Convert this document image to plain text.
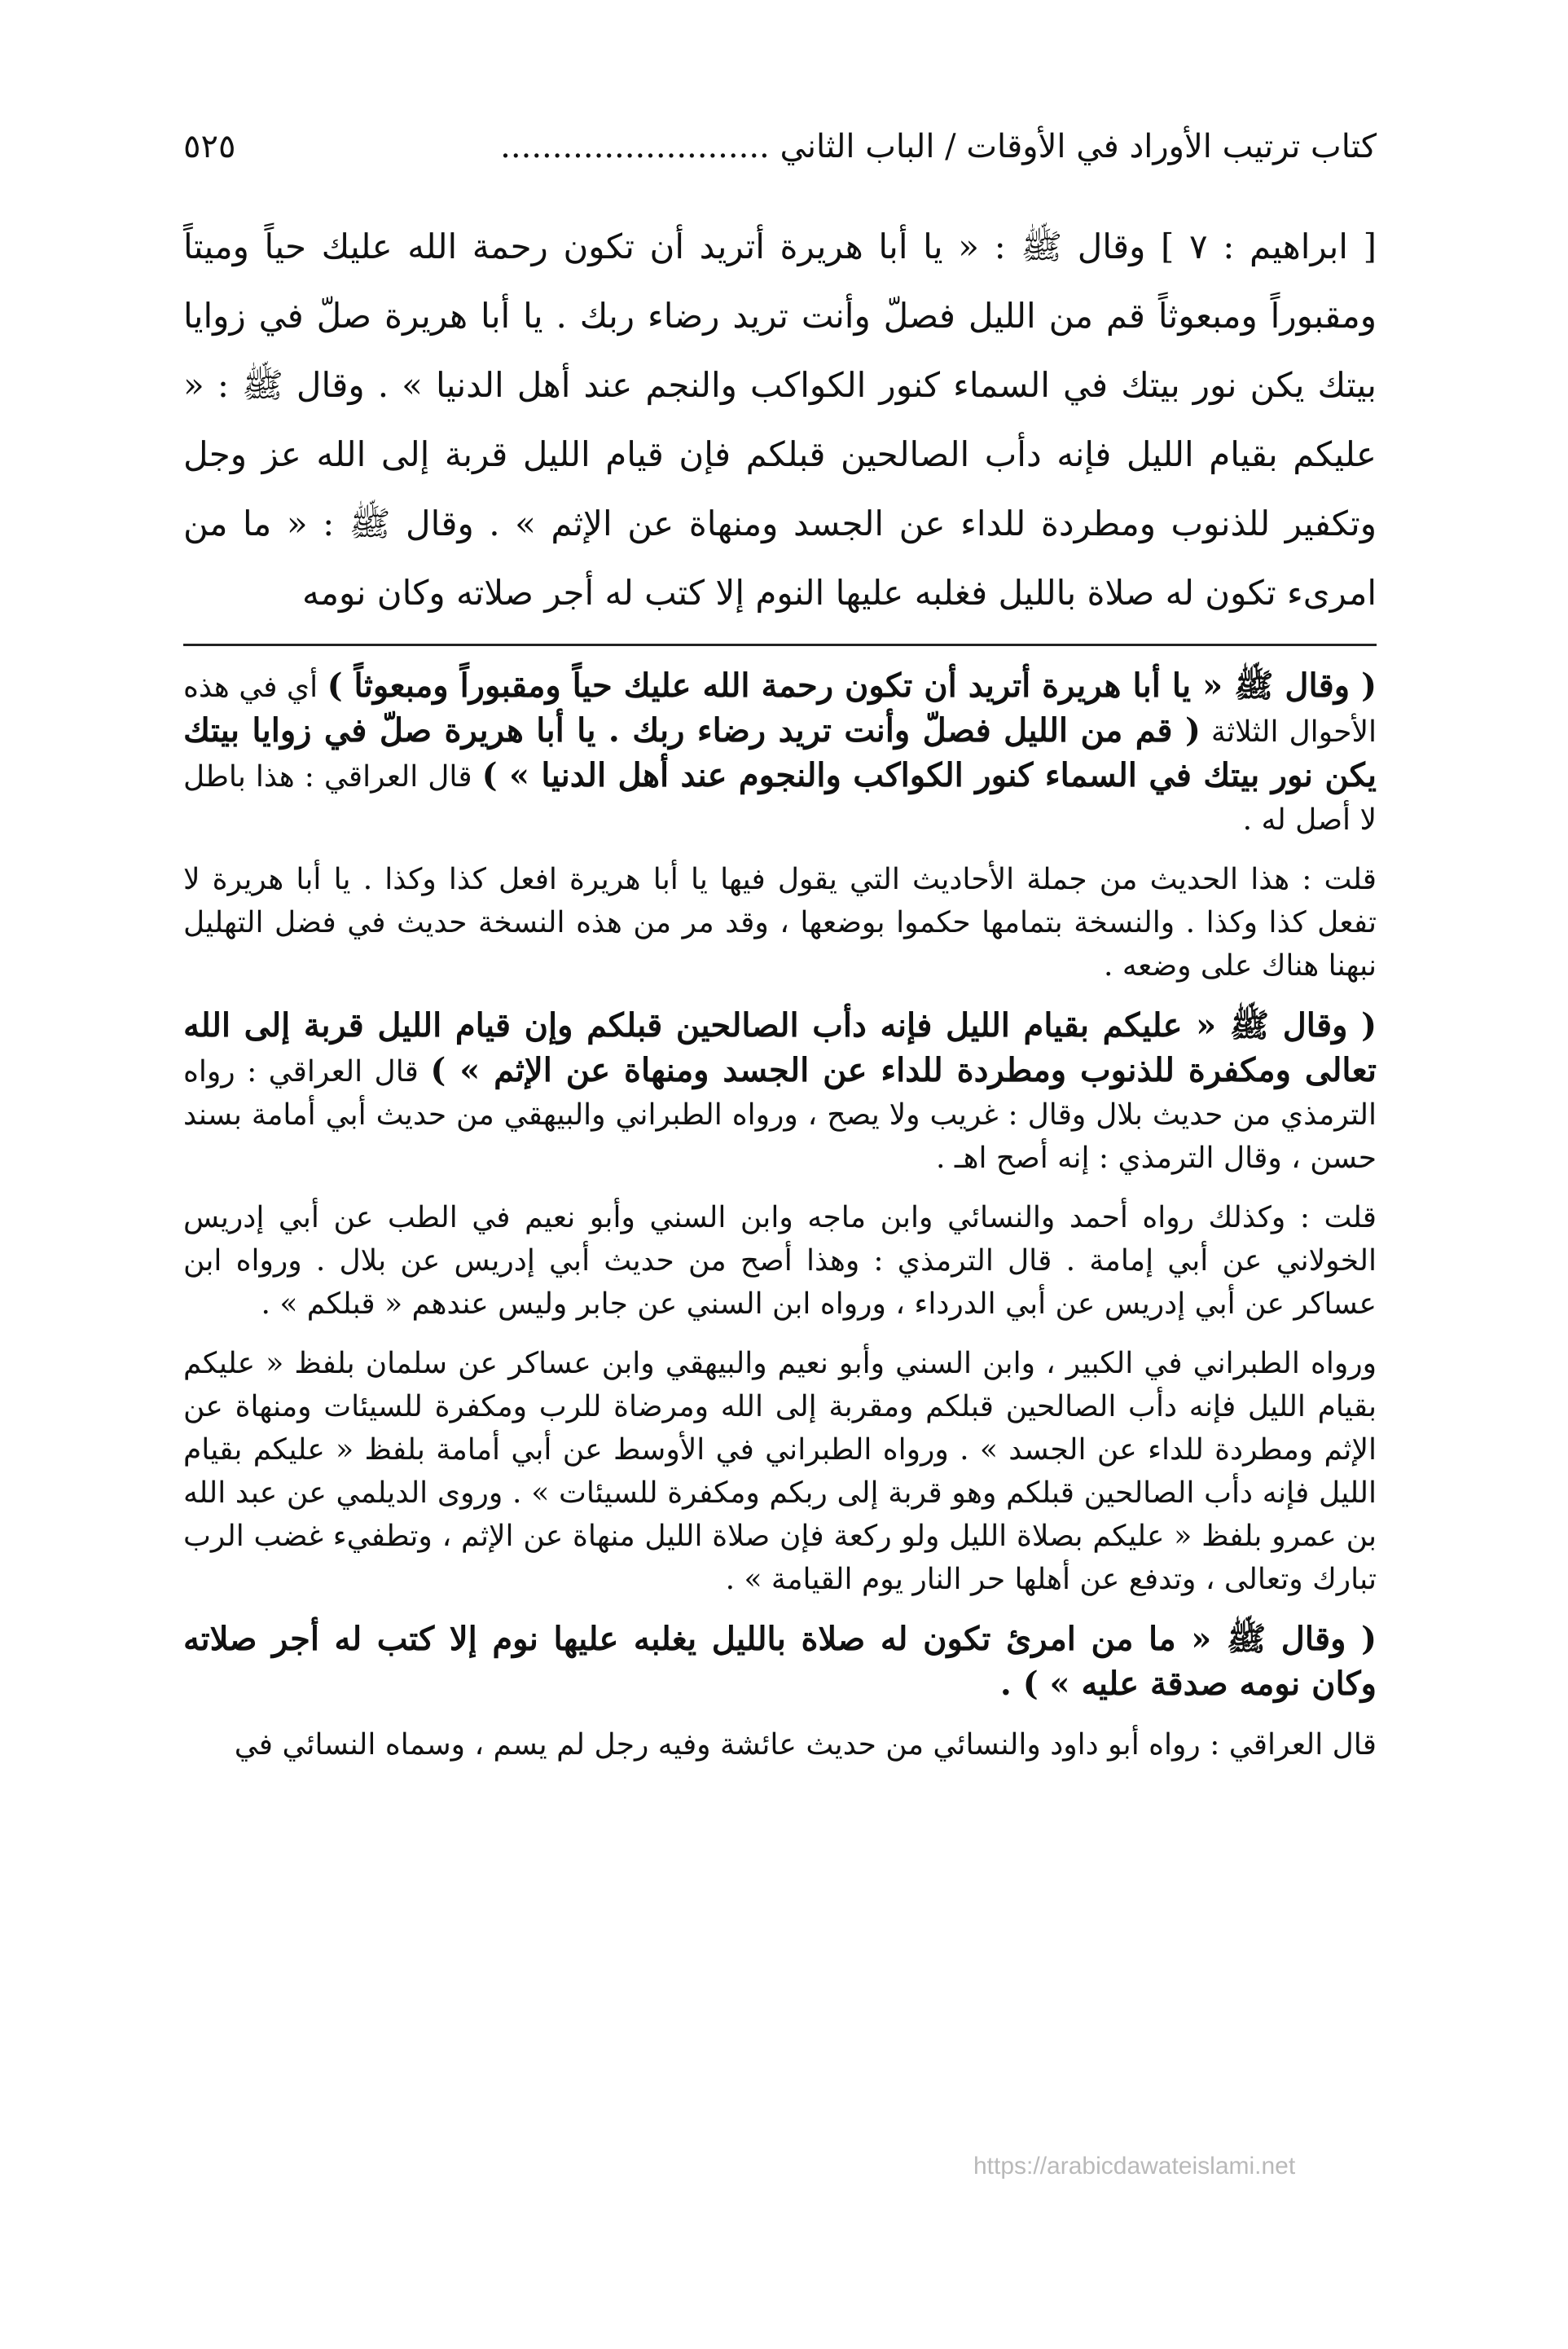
كتاب ترتيب الأوراد في الأوقات / الباب الثاني ..........................
٥٢٥

[ ابراهيم : ٧ ] وقال ﷺ : « يا أبا هريرة أتريد أن تكون رحمة الله عليك حياً وميتاً ومقبوراً ومبعوثاً قم من الليل فصلّ وأنت تريد رضاء ربك . يا أبا هريرة صلّ في زوايا بيتك يكن نور بيتك في السماء كنور الكواكب والنجم عند أهل الدنيا » . وقال ﷺ : « عليكم بقيام الليل فإنه دأب الصالحين قبلكم فإن قيام الليل قربة إلى الله عز وجل وتكفير للذنوب ومطردة للداء عن الجسد ومنهاة عن الإثم » . وقال ﷺ : « ما من امرىء تكون له صلاة بالليل فغلبه عليها النوم إلا كتب له أجر صلاته وكان نومه

( وقال ﷺ « يا أبا هريرة أتريد أن تكون رحمة الله عليك حياً ومقبوراً ومبعوثاً ) أي في هذه الأحوال الثلاثة ( قم من الليل فصلّ وأنت تريد رضاء ربك . يا أبا هريرة صلّ في زوايا بيتك يكن نور بيتك في السماء كنور الكواكب والنجوم عند أهل الدنيا » ) قال العراقي : هذا باطل لا أصل له .

قلت : هذا الحديث من جملة الأحاديث التي يقول فيها يا أبا هريرة افعل كذا وكذا . يا أبا هريرة لا تفعل كذا وكذا . والنسخة بتمامها حكموا بوضعها ، وقد مر من هذه النسخة حديث في فضل التهليل نبهنا هناك على وضعه .

( وقال ﷺ « عليكم بقيام الليل فإنه دأب الصالحين قبلكم وإن قيام الليل قربة إلى الله تعالى ومكفرة للذنوب ومطردة للداء عن الجسد ومنهاة عن الإثم » ) قال العراقي : رواه الترمذي من حديث بلال وقال : غريب ولا يصح ، ورواه الطبراني والبيهقي من حديث أبي أمامة بسند حسن ، وقال الترمذي : إنه أصح اهـ .

قلت : وكذلك رواه أحمد والنسائي وابن ماجه وابن السني وأبو نعيم في الطب عن أبي إدريس الخولاني عن أبي إمامة . قال الترمذي : وهذا أصح من حديث أبي إدريس عن بلال . ورواه ابن عساكر عن أبي إدريس عن أبي الدرداء ، ورواه ابن السني عن جابر وليس عندهم « قبلكم » .

ورواه الطبراني في الكبير ، وابن السني وأبو نعيم والبيهقي وابن عساكر عن سلمان بلفظ « عليكم بقيام الليل فإنه دأب الصالحين قبلكم ومقربة إلى الله ومرضاة للرب ومكفرة للسيئات ومنهاة عن الإثم ومطردة للداء عن الجسد » . ورواه الطبراني في الأوسط عن أبي أمامة بلفظ « عليكم بقيام الليل فإنه دأب الصالحين قبلكم وهو قربة إلى ربكم ومكفرة للسيئات » . وروى الديلمي عن عبد الله بن عمرو بلفظ « عليكم بصلاة الليل ولو ركعة فإن صلاة الليل منهاة عن الإثم ، وتطفيء غضب الرب تبارك وتعالى ، وتدفع عن أهلها حر النار يوم القيامة » .

( وقال ﷺ « ما من امرئ تكون له صلاة بالليل يغلبه عليها نوم إلا كتب له أجر صلاته وكان نومه صدقة عليه » ) .

قال العراقي : رواه أبو داود والنسائي من حديث عائشة وفيه رجل لم يسم ، وسماه النسائي في

https://arabicdawateislami.net
